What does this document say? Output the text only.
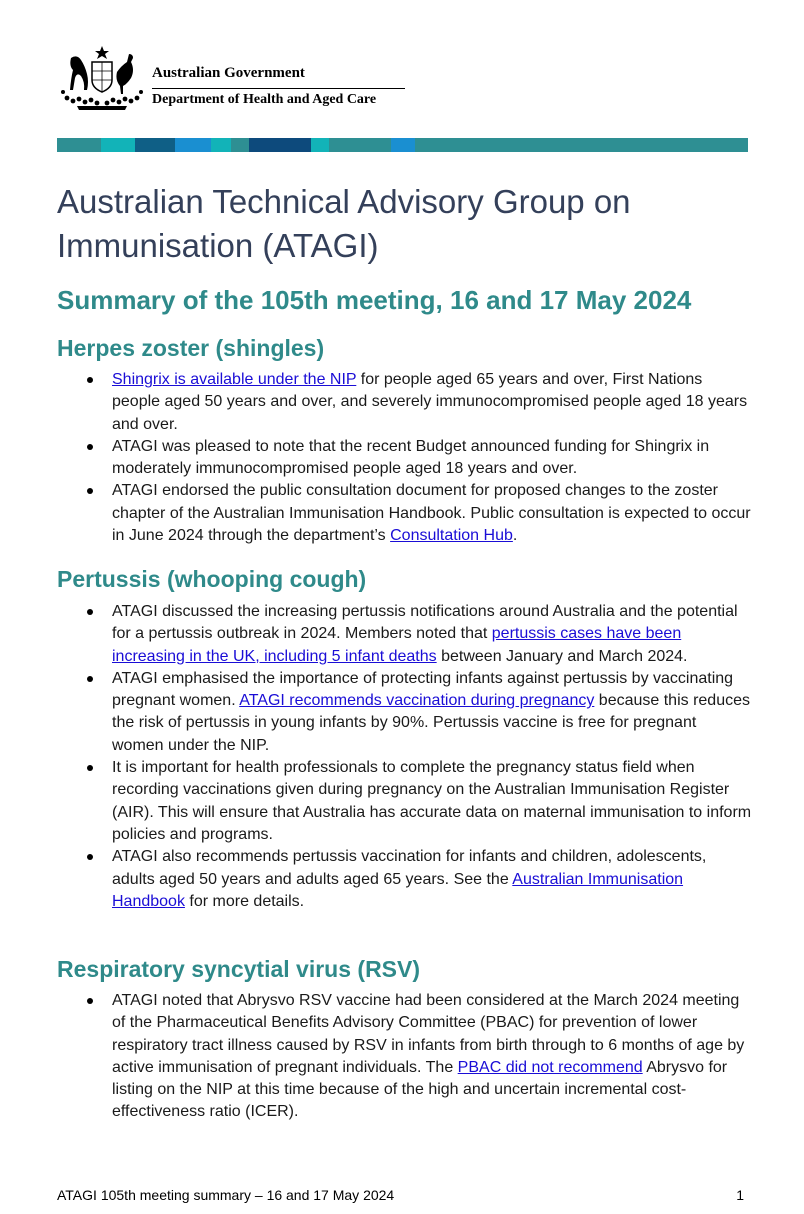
Australian Government
Department of Health and Aged Care
Australian Technical Advisory Group on Immunisation (ATAGI)
Summary of the 105th meeting, 16 and 17 May 2024
Herpes zoster (shingles)
Shingrix is available under the NIP for people aged 65 years and over, First Nations people aged 50 years and over, and severely immunocompromised people aged 18 years and over.
ATAGI was pleased to note that the recent Budget announced funding for Shingrix in moderately immunocompromised people aged 18 years and over.
ATAGI endorsed the public consultation document for proposed changes to the zoster chapter of the Australian Immunisation Handbook. Public consultation is expected to occur in June 2024 through the department’s Consultation Hub.
Pertussis (whooping cough)
ATAGI discussed the increasing pertussis notifications around Australia and the potential for a pertussis outbreak in 2024. Members noted that pertussis cases have been increasing in the UK, including 5 infant deaths between January and March 2024.
ATAGI emphasised the importance of protecting infants against pertussis by vaccinating pregnant women. ATAGI recommends vaccination during pregnancy because this reduces the risk of pertussis in young infants by 90%. Pertussis vaccine is free for pregnant women under the NIP.
It is important for health professionals to complete the pregnancy status field when recording vaccinations given during pregnancy on the Australian Immunisation Register (AIR). This will ensure that Australia has accurate data on maternal immunisation to inform policies and programs.
ATAGI also recommends pertussis vaccination for infants and children, adolescents, adults aged 50 years and adults aged 65 years. See the Australian Immunisation Handbook for more details.
Respiratory syncytial virus (RSV)
ATAGI noted that Abrysvo RSV vaccine had been considered at the March 2024 meeting of the Pharmaceutical Benefits Advisory Committee (PBAC) for prevention of lower respiratory tract illness caused by RSV in infants from birth through to 6 months of age by active immunisation of pregnant individuals. The PBAC did not recommend Abrysvo for listing on the NIP at this time because of the high and uncertain incremental cost-effectiveness ratio (ICER).
ATAGI 105th meeting summary – 16 and 17 May 2024	1
